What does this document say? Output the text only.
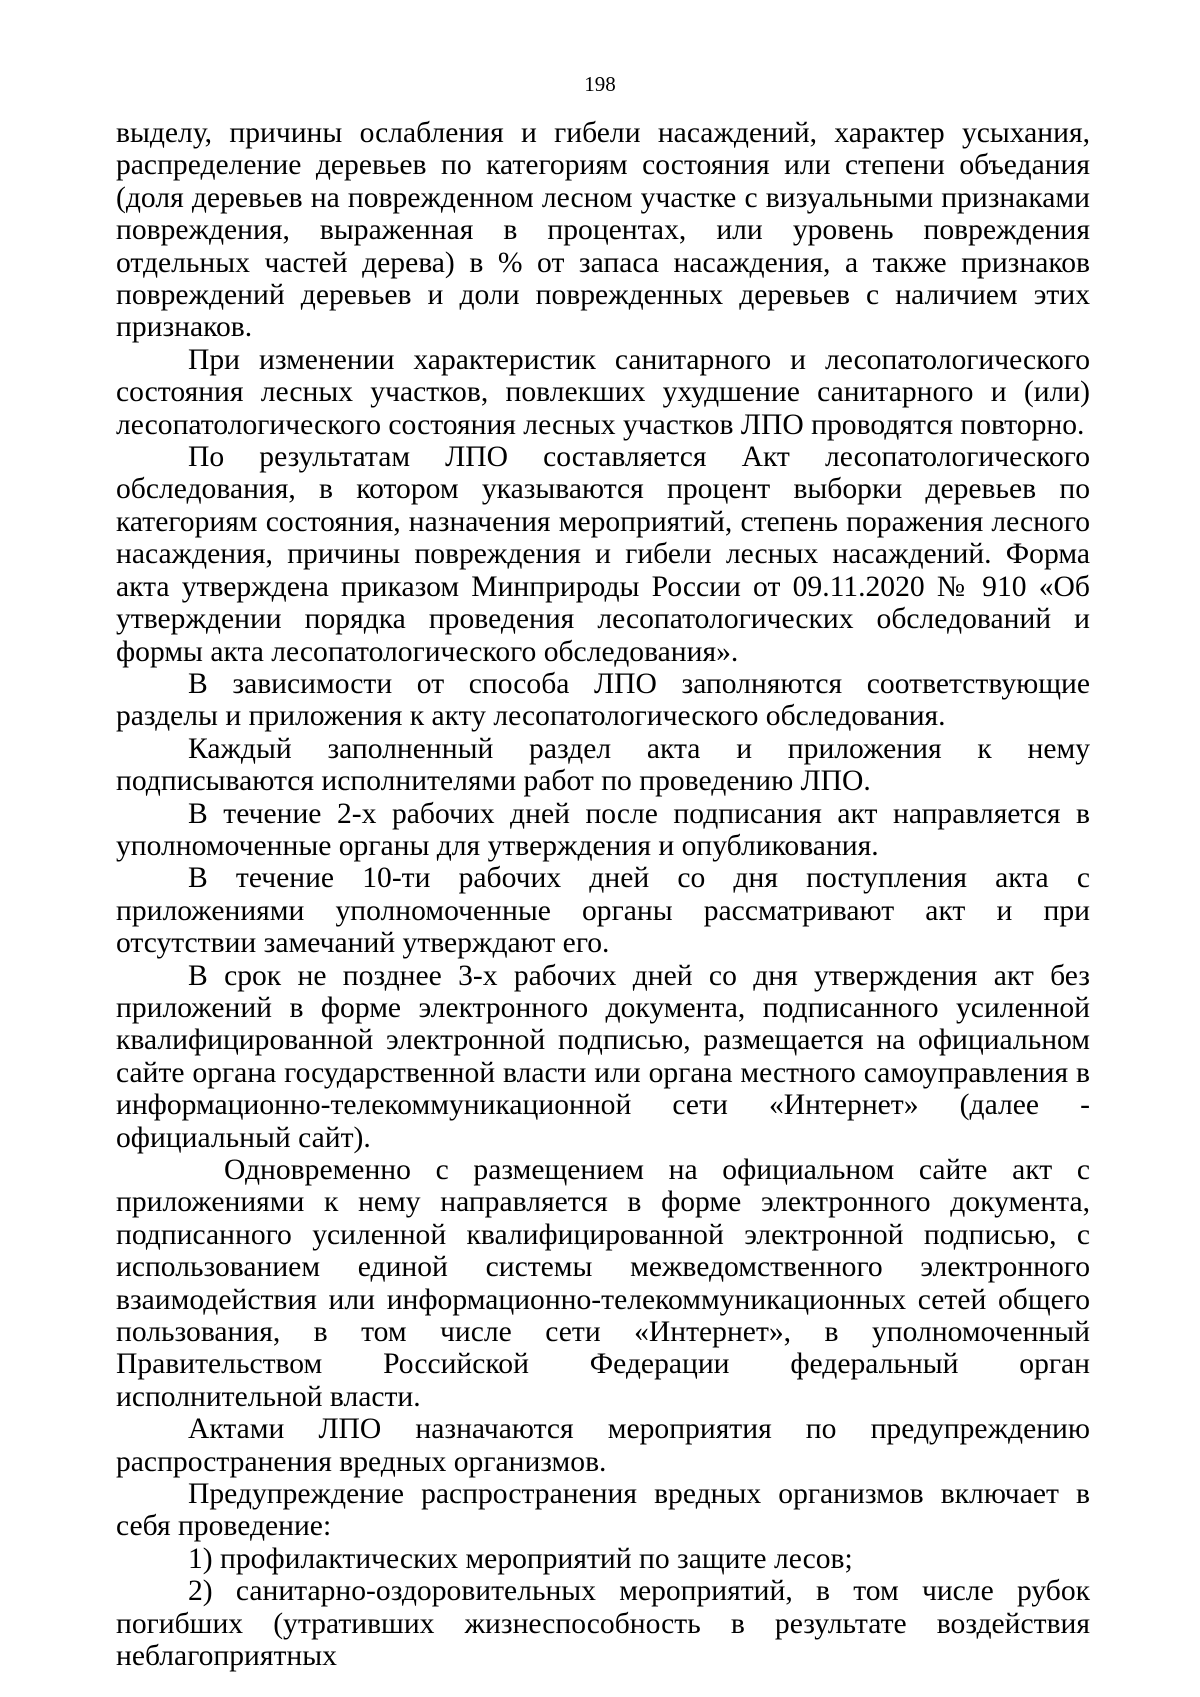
198

выделу, причины ослабления и гибели насаждений, характер усыхания, распределение деревьев по категориям состояния или степени объедания (доля деревьев на поврежденном лесном участке с визуальными признаками повреждения, выраженная в процентах, или уровень повреждения отдельных частей дерева) в % от запаса насаждения, а также признаков повреждений деревьев и доли поврежденных деревьев с наличием этих признаков.

При изменении характеристик санитарного и лесопатологического состояния лесных участков, повлекших ухудшение санитарного и (или) лесопатологического состояния лесных участков ЛПО проводятся повторно.

По результатам ЛПО составляется Акт лесопатологического обследования, в котором указываются процент выборки деревьев по категориям состояния, назначения мероприятий, степень поражения лесного насаждения, причины повреждения и гибели лесных насаждений. Форма акта утверждена приказом Минприроды России от 09.11.2020 № 910 «Об утверждении порядка проведения лесопатологических обследований и формы акта лесопатологического обследования».

В зависимости от способа ЛПО заполняются соответствующие разделы и приложения к акту лесопатологического обследования.

Каждый заполненный раздел акта и приложения к нему подписываются исполнителями работ по проведению ЛПО.

В течение 2-х рабочих дней после подписания акт направляется в уполномоченные органы для утверждения и опубликования.

В течение 10-ти рабочих дней со дня поступления акта с приложениями уполномоченные органы рассматривают акт и при отсутствии замечаний утверждают его.

В срок не позднее 3-х рабочих дней со дня утверждения акт без приложений в форме электронного документа, подписанного усиленной квалифицированной электронной подписью, размещается на официальном сайте органа государственной власти или органа местного самоуправления в информационно-телекоммуникационной сети «Интернет» (далее - официальный сайт).

Одновременно с размещением на официальном сайте акт с приложениями к нему направляется в форме электронного документа, подписанного усиленной квалифицированной электронной подписью, с использованием единой системы межведомственного электронного взаимодействия или информационно-телекоммуникационных сетей общего пользования, в том числе сети «Интернет», в уполномоченный Правительством Российской Федерации федеральный орган исполнительной власти.

Актами ЛПО назначаются мероприятия по предупреждению распространения вредных организмов.

Предупреждение распространения вредных организмов включает в себя проведение:

1) профилактических мероприятий по защите лесов;

2) санитарно-оздоровительных мероприятий, в том числе рубок погибших (утративших жизнеспособность в результате воздействия неблагоприятных
